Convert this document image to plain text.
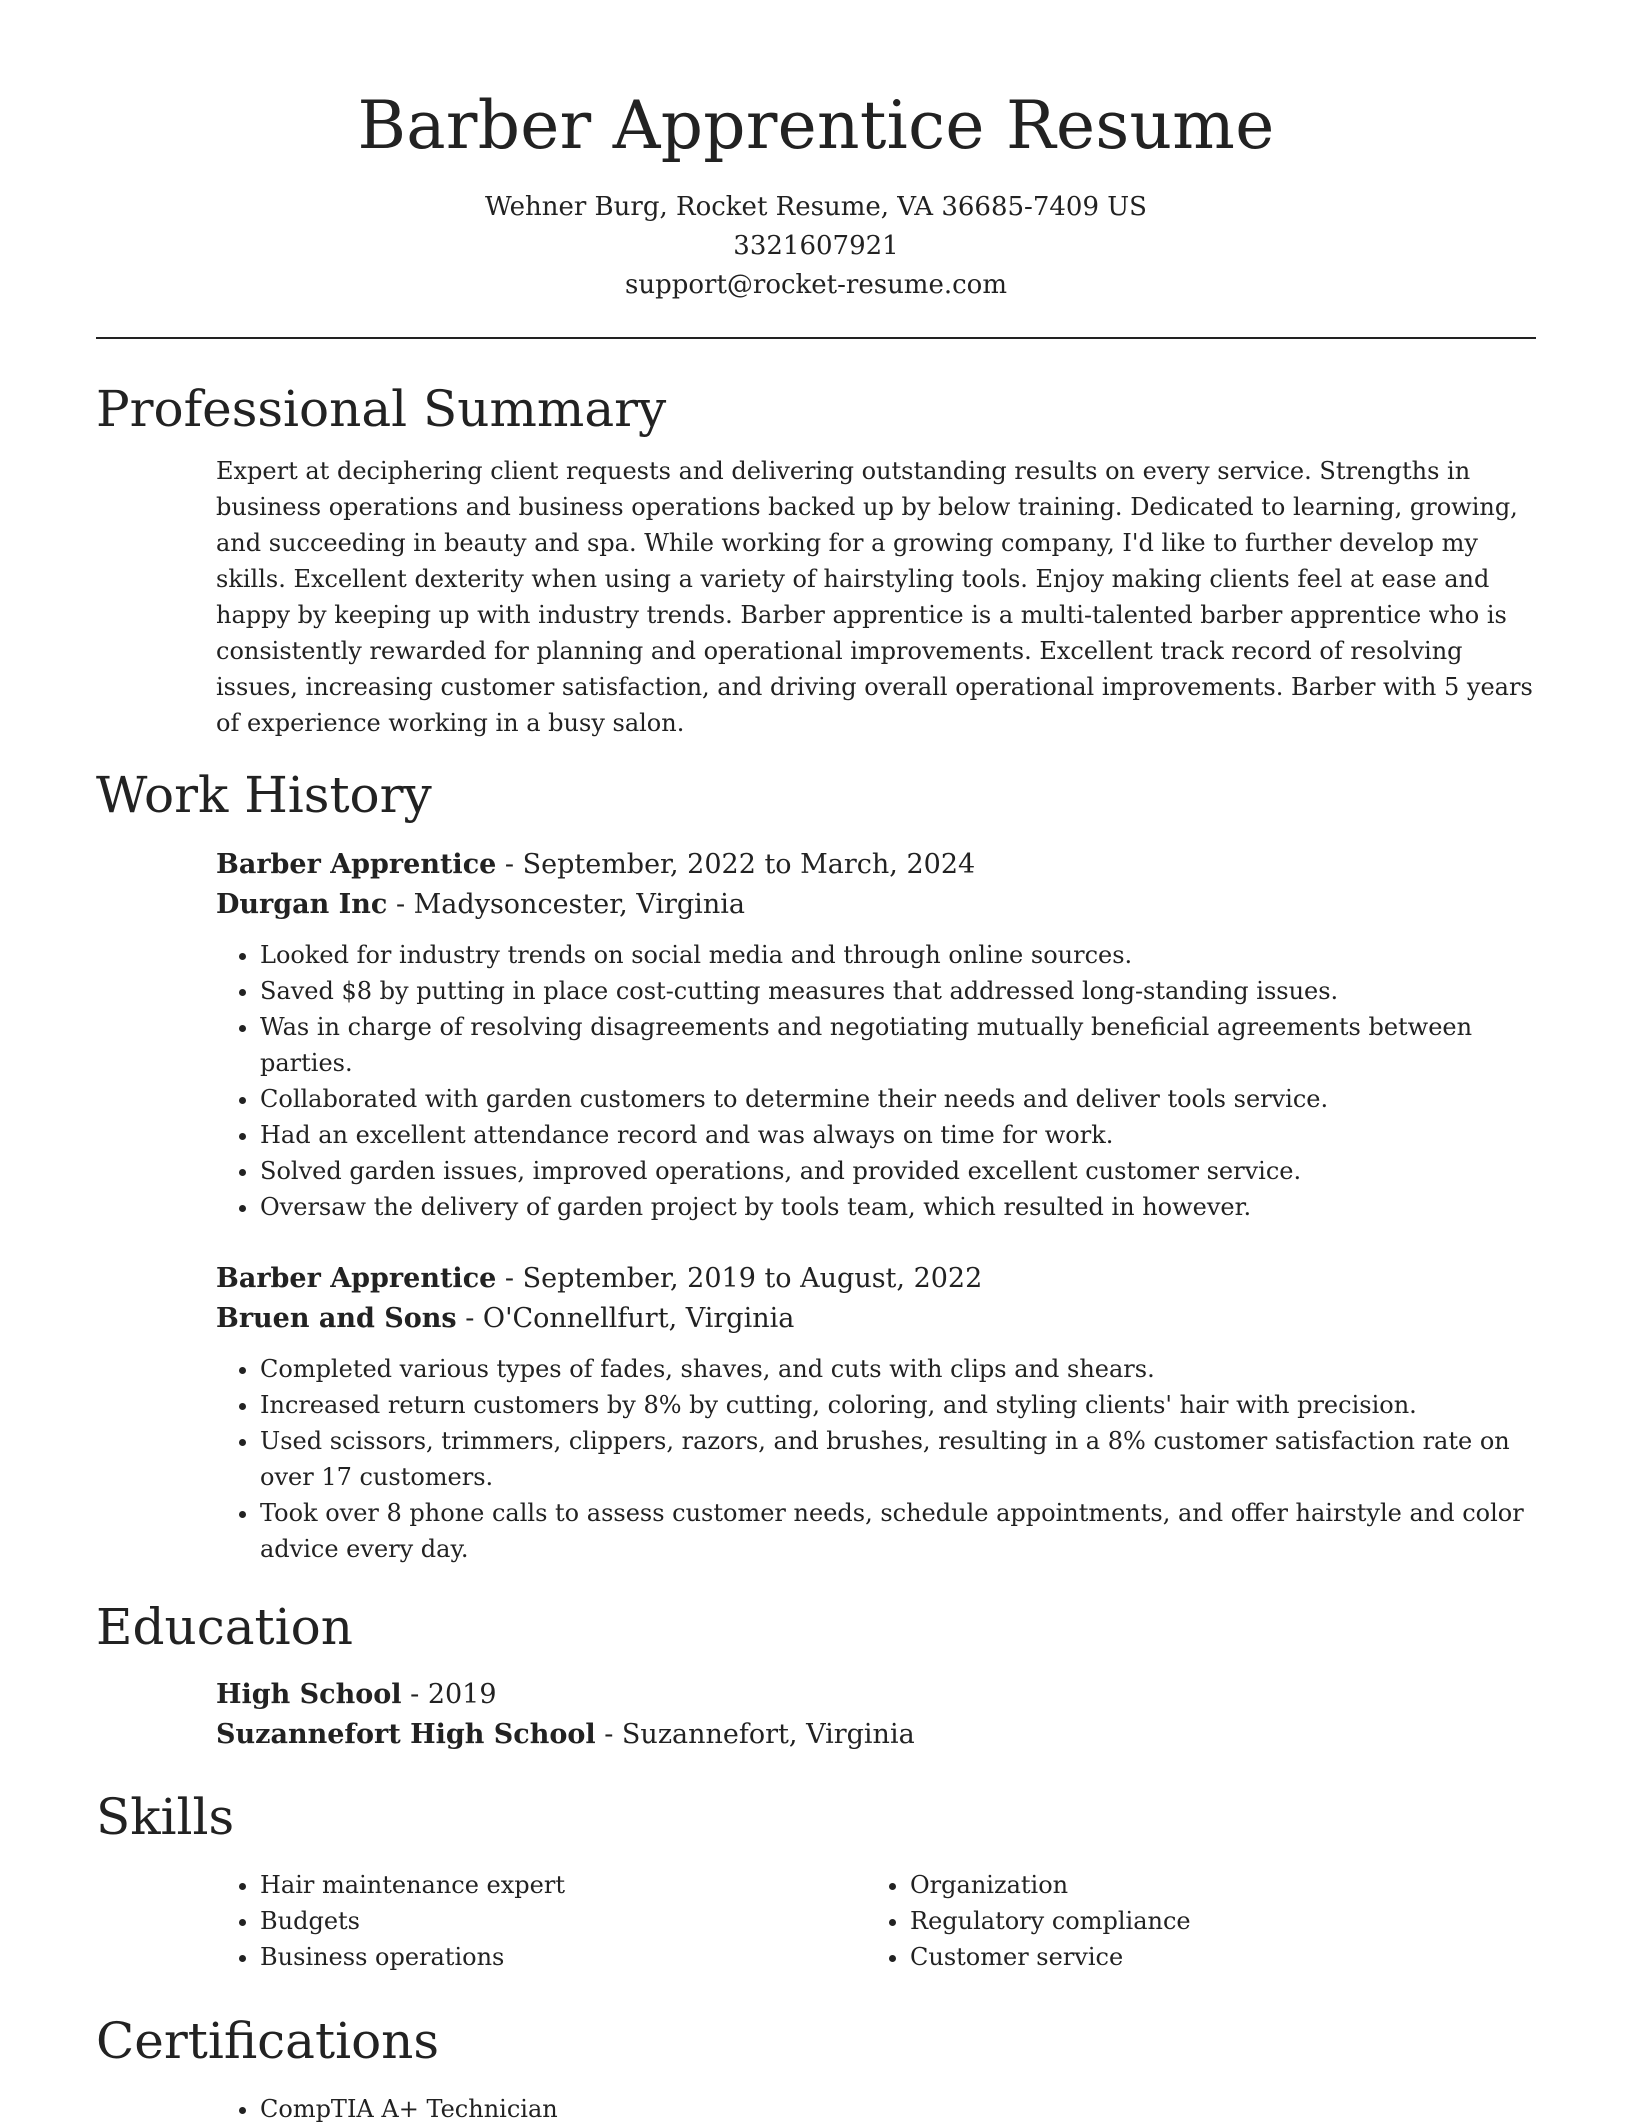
Barber Apprentice Resume
Wehner Burg, Rocket Resume, VA 36685-7409 US
3321607921
support@rocket-resume.com
Professional Summary
Expert at deciphering client requests and delivering outstanding results on every service. Strengths in business operations and business operations backed up by below training. Dedicated to learning, growing, and succeeding in beauty and spa. While working for a growing company, I'd like to further develop my skills. Excellent dexterity when using a variety of hairstyling tools. Enjoy making clients feel at ease and happy by keeping up with industry trends. Barber apprentice is a multi-talented barber apprentice who is consistently rewarded for planning and operational improvements. Excellent track record of resolving issues, increasing customer satisfaction, and driving overall operational improvements. Barber with 5 years of experience working in a busy salon.
Work History
Barber Apprentice - September, 2022 to March, 2024
Durgan Inc - Madysoncester, Virginia
• Looked for industry trends on social media and through online sources.
• Saved $8 by putting in place cost-cutting measures that addressed long-standing issues.
• Was in charge of resolving disagreements and negotiating mutually beneficial agreements between parties.
• Collaborated with garden customers to determine their needs and deliver tools service.
• Had an excellent attendance record and was always on time for work.
• Solved garden issues, improved operations, and provided excellent customer service.
• Oversaw the delivery of garden project by tools team, which resulted in however.
Barber Apprentice - September, 2019 to August, 2022
Bruen and Sons - O'Connellfurt, Virginia
• Completed various types of fades, shaves, and cuts with clips and shears.
• Increased return customers by 8% by cutting, coloring, and styling clients' hair with precision.
• Used scissors, trimmers, clippers, razors, and brushes, resulting in a 8% customer satisfaction rate on over 17 customers.
• Took over 8 phone calls to assess customer needs, schedule appointments, and offer hairstyle and color advice every day.
Education
High School - 2019
Suzannefort High School - Suzannefort, Virginia
Skills
• Hair maintenance expert
• Budgets
• Business operations
• Organization
• Regulatory compliance
• Customer service
Certifications
• CompTIA A+ Technician
